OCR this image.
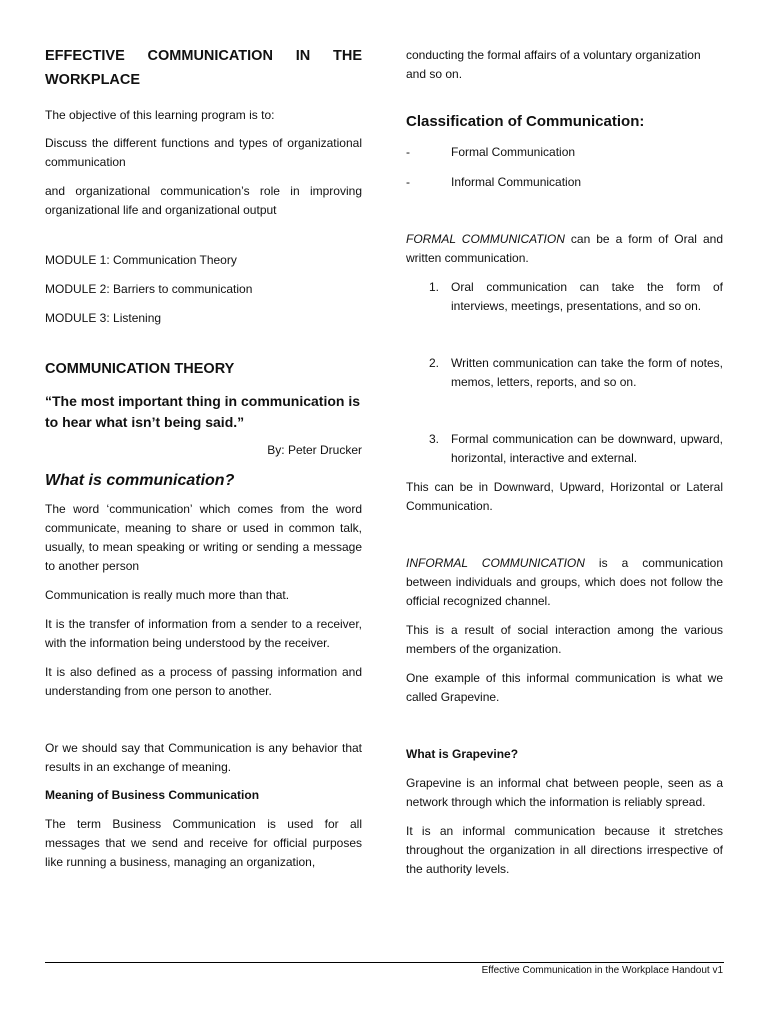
EFFECTIVE COMMUNICATION IN THE

WORKPLACE

The objective of this learning program is to:

Discuss the different functions and types of organizational communication

and organizational communication’s role in improving organizational life and organizational output

MODULE 1: Communication Theory

MODULE 2: Barriers to communication

MODULE 3: Listening

COMMUNICATION THEORY

“The most important thing in communication is to hear what isn’t being said.”

By: Peter Drucker

What is communication?

The word ‘communication’ which comes from the word communicate, meaning to share or used in common talk, usually, to mean speaking or writing or sending a message to another person

Communication is really much more than that.

It is the transfer of information from a sender to a receiver, with the information being understood by the receiver.

It is also defined as a process of passing information and understanding from one person to another.

Or we should say that Communication is any behavior that results in an exchange of meaning.

Meaning of Business Communication

The term Business Communication is used for all messages that we send and receive for official purposes like running a business, managing an organization,

conducting the formal affairs of a voluntary organization and so on.

Classification of Communication:

-	Formal Communication
-	Informal Communication

FORMAL COMMUNICATION can be a form of Oral and written communication.

1.	Oral communication can take the form of interviews, meetings, presentations, and so on.
2.	Written communication can take the form of notes, memos, letters, reports, and so on.
3.	Formal communication can be downward, upward, horizontal, interactive and external.

This can be in Downward, Upward, Horizontal or Lateral Communication.

INFORMAL COMMUNICATION is a communication between individuals and groups, which does not follow the official recognized channel.

This is a result of social interaction among the various members of the organization.

One example of this informal communication is what we called Grapevine.

What is Grapevine?

Grapevine is an informal chat between people, seen as a network through which the information is reliably spread.

It is an informal communication because it stretches throughout the organization in all directions irrespective of the authority levels.

Effective Communication in the Workplace Handout v1
